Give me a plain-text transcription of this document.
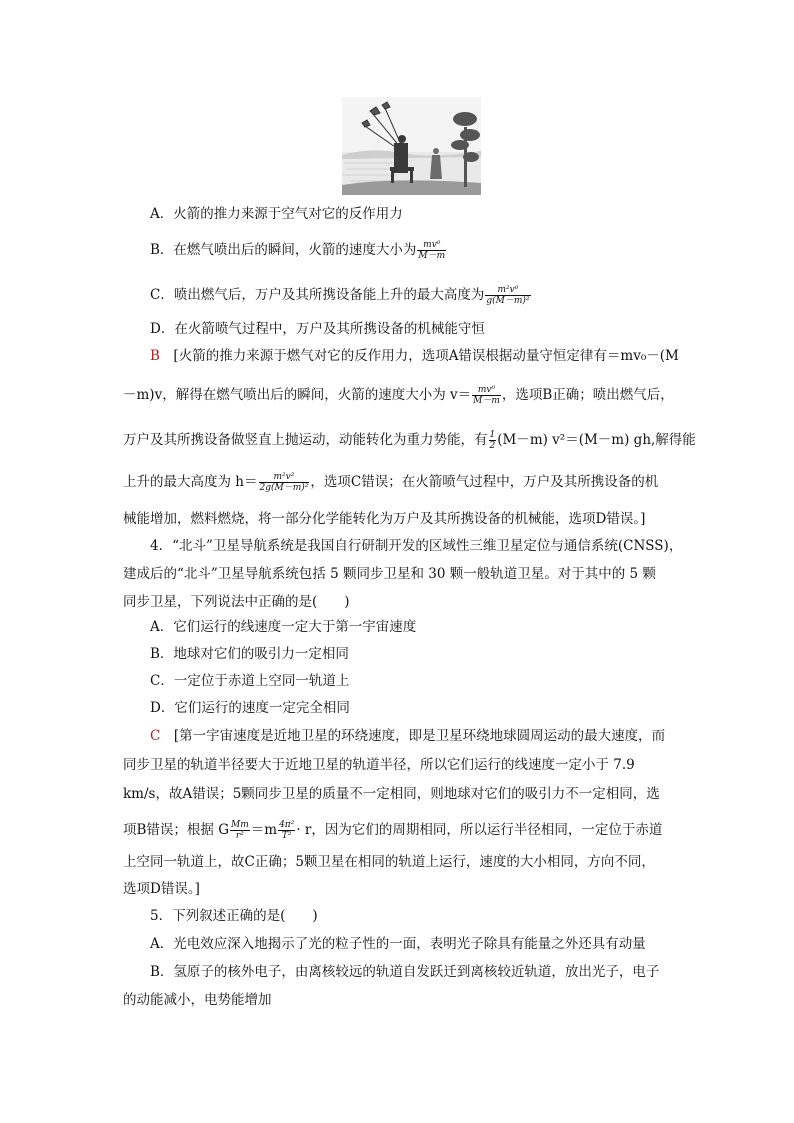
A．火箭的推力来源于空气对它的反作用力
B．在燃气喷出后的瞬间，火箭的速度大小为 $\frac{\text{mv⁰}}{M-m}$
C．喷出燃气后，万户及其所携设备能上升的最大高度为 $\frac{\text{m²v⁰}}{\text{g(M－m)²}}$
D．在火箭喷气过程中，万户及其所携设备的机械能守恒
B　 [火箭的推力来源于燃气对它的反作用力，选项A错误根据动量守恒定律有＝mv₀－(M
－m)v，解得在燃气喷出后的瞬间，火箭的速度大小为 $v= \frac{\text{mv⁰}}{M-m}$ ，选项B正确；喷出燃气后，
万户及其所携设备做竖直上抛运动，动能转化为重力势能，有 $\frac{1}{2} (M-m)$ v²＝(M－m) gh,解得能
上升的最大高度为 $h= \frac{\text{m²v²}}{\text{2g(M－m)²}}$ ，选项C错误；在火箭喷气过程中，万户及其所携设备的机
械能增加，燃料燃烧，将一部分化学能转化为万户及其所携设备的机械能，选项D错误。]
4．“北斗”卫星导航系统是我国自行研制开发的区域性三维卫星定位与通信系统(CNSS)，
建成后的“北斗”卫星导航系统包括 5 颗同步卫星和 30 颗一般轨道卫星。对于其中的 5 颗
同步卫星，下列说法中正确的是(　　)
A．它们运行的线速度一定大于第一宇宙速度
B．地球对它们的吸引力一定相同
C．一定位于赤道上空同一轨道上
D．它们运行的速度一定完全相同
C　 [第一宇宙速度是近地卫星的环绕速度，即是卫星环绕地球圆周运动的最大速度，而
同步卫星的轨道半径要大于近地卫星的轨道半径，所以它们运行的线速度一定小于 7.9
km/s，故A错误；5颗同步卫星的质量不一定相同，则地球对它们的吸引力不一定相同，选
项B错误；根据 G $\frac{Mm}{\text{r²}} =m \frac{\text{4π²}}{\text{T²}} \cdot r$，因为它们的周期相同，所以运行半径相同，一定位于赤道
上空同一轨道上，故C正确；5颗卫星在相同的轨道上运行，速度的大小相同，方向不同，
选项D错误。]
5．下列叙述正确的是(　　)
A．光电效应深入地揭示了光的粒子性的一面，表明光子除具有能量之外还具有动量
B．氢原子的核外电子，由离核较远的轨道自发跃迁到离核较近轨道，放出光子，电子
的动能减小，电势能增加
